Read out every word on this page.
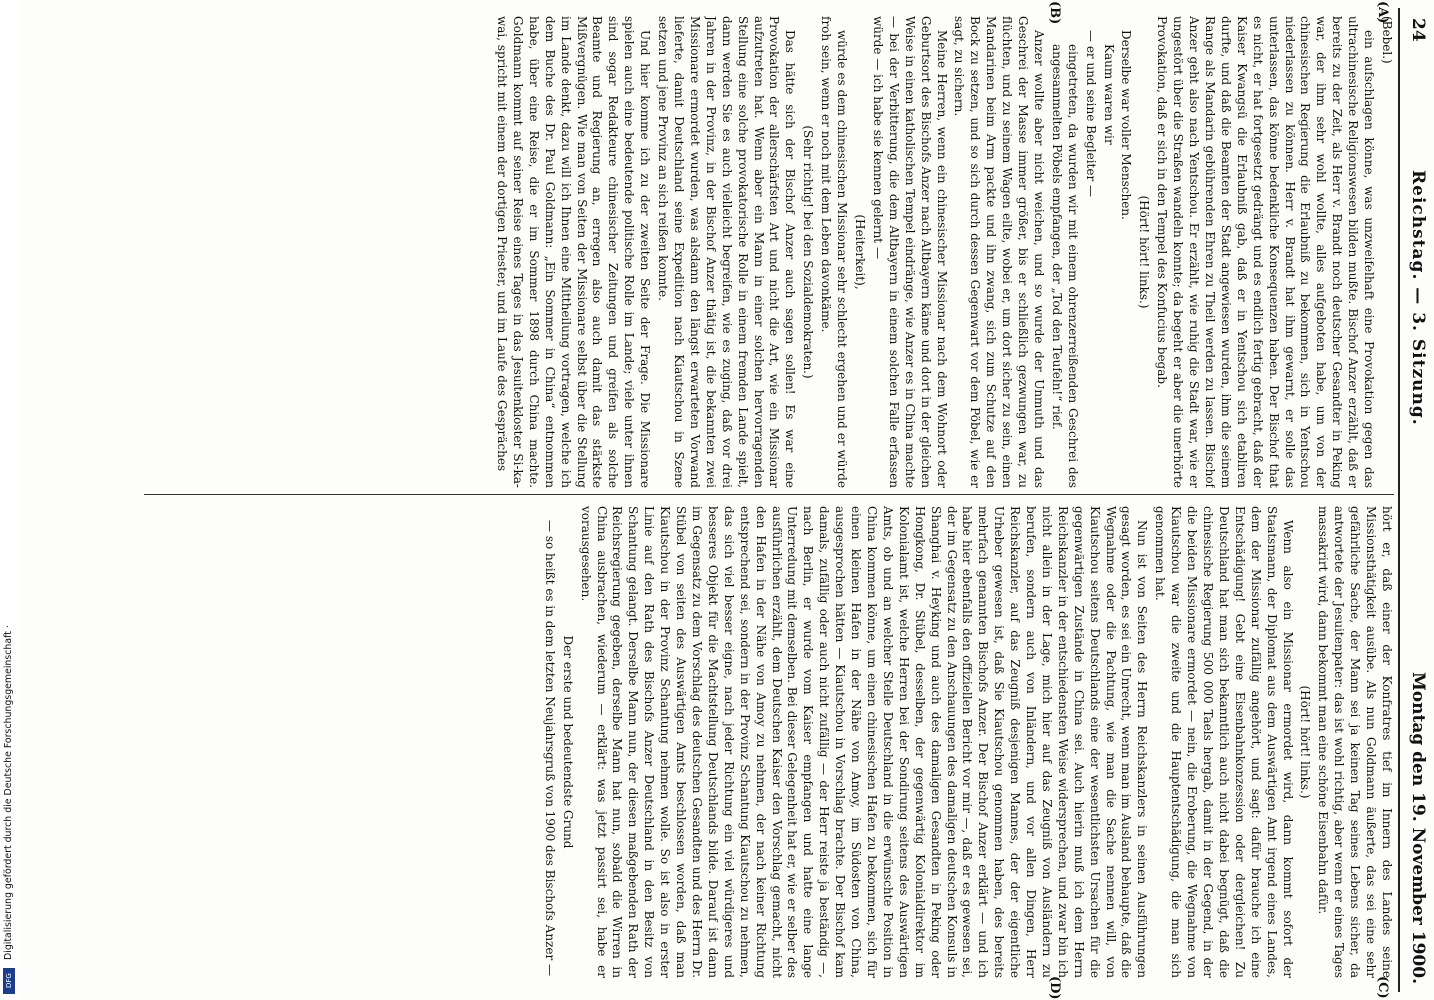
Digitalisierung gefördert durch die Deutsche Forschungsgemeinschaft ·
DFG
24
Reichstag. — 3. Sitzung.
Montag den 19. November 1900.
(A)
(B)
(C)
(D)

(Bebel.)

ein aufschlagen könne, was unzweifelhaft eine Provokation gegen das ultrachinesische Religionswesen bilden mußte. Bischof Anzer erzählt, daß er bereits zu der Zeit, als Herr v. Brandt noch deutscher Gesandter in Peking war, der ihm sehr wohl wollte, alles aufgeboten habe, um von der chinesischen Regierung die Erlaubniß zu bekommen, sich in Yentschou niederlassen zu können. Herr v. Brandt hat ihm gewarnt, er solle das unterlassen, das könne bedenkliche Konsequenzen haben. Der Bischof that es nicht, er hat fortgesetzt gedrängt und es endlich fertig gebracht, daß der Kaiser Kwangsü die Erlaubniß gab, daß er in Yentschou sich etabliren durfte, und daß die Beamten der Stadt angewiesen wurden, ihm die seinem Range als Mandarin gebührenden Ehren zu Theil werden zu lassen. Bischof Anzer geht also nach Yentschou. Er erzählt, wie ruhig die Stadt war, wie er ungestört über die Straßen wandeln konnte; da begeht er aber die unerhörte Provokation, daß er sich in den Tempel des Konfucius begab.

(Hört! hört! links.)

Derselbe war voller Menschen.

Kaum waren wir

— er und seine Begleiter —

eingetreten, da wurden wir mit einem ohrenzerreißenden Geschrei des angesammelten Pöbels empfangen, der „Tod den Teufeln!“ rief.

Anzer wollte aber nicht weichen, und so wurde der Unmuth und das Geschrei der Masse immer größer, bis er schließlich gezwungen war, zu flüchten, und zu seinem Wagen eilte, wobei er, um dort sicher zu sein, einen Mandarinen beim Arm packte und ihn zwang, sich zum Schutze auf den Bock zu setzen, und so sich durch dessen Gegenwart vor dem Pöbel, wie er sagt, zu sichern.

Meine Herren, wenn ein chinesischer Missionar nach dem Wohnort oder Geburtsort des Bischofs Anzer nach Altbayern käme und dort in der gleichen Weise in einen katholischen Tempel eindränge, wie Anzer es in China machte — bei der Verbitterung, die dem Altbayern in einem solchen Falle erfassen würde — ich habe sie kennen gelernt —

(Heiterkeit),

würde es dem chinesischen Missionar sehr schlecht ergehen und er würde froh sein, wenn er noch mit dem Leben davonkäme.

(Sehr richtig! bei den Sozialdemokraten.)

Das hätte sich der Bischof Anzer auch sagen sollen! Es war eine Provokation der allerschärfsten Art und nicht die Art, wie ein Missionar aufzutreten hat. Wenn aber ein Mann in einer solchen hervorragenden Stellung eine solche provokatorische Rolle in einem fremden Lande spielt, dann werden Sie es auch vielleicht begreifen, wie es zuging, daß vor drei Jahren in der Provinz, in der Bischof Anzer thätig ist, die bekannten zwei Missionare ermordet wurden, was alsdann den längst erwarteten Vorwand lieferte, damit Deutschland seine Expedition nach Kiautschou in Szene setzen und jene Provinz an sich reißen konnte.

Und hier komme ich zu der zweiten Seite der Frage. Die Missionare spielen auch eine bedeutende politische Rolle im Lande; viele unter ihnen sind sogar Redakteure chinesischer Zeitungen und greifen als solche Beamte und Regierung an, erregen also auch damit das stärkste Mißvergnügen. Wie man von Seiten der Missionare selbst über die Stellung im Lande denkt, dazu will ich Ihnen eine Mittheilung vortragen, welche ich dem Buche des Dr. Paul Goldmann: „Ein Sommer in China“ entnommen habe, über eine Reise, die er im Sommer 1898 durch China machte. Goldmann kommt auf seiner Reise eines Tages in das Jesuitenkloster Si-ka-wai, spricht mit einem der dortigen Priester, und im Laufe des Gespräches

hört er, daß einer der Konfratres tief im Innern des Landes seine Missionsthätigkeit ausübe. Als nun Goldmann äußerte, das sei eine sehr gefährliche Sache, der Mann sei ja keinen Tag seines Lebens sicher, da antwortete der Jesuitenpater: das ist wohl richtig, aber wenn er eines Tages massakrirt wird, dann bekommt man eine schöne Eisenbahn dafür.

(Hört! hört! links.)

Wenn also ein Missionar ermordet wird, dann kommt sofort der Staatsmann, der Diplomat aus dem Auswärtigen Amt irgend eines Landes, dem der Missionar zufällig angehört, und sagt: dafür brauche ich eine Entschädigung! Gebt eine Eisenbahnkonzession oder dergleichen! Zu Deutschland hat man sich bekanntlich auch nicht dabei begnügt, daß die chinesische Regierung 500 000 Taels hergab, damit in der Gegend, in der die beiden Missionare ermordet — nein, die Eroberung, die Wegnahme von Kiautschou war die zweite und die Hauptentschädigung, die man sich genommen hat.

Nun ist von Seiten des Herrn Reichskanzlers in seinen Ausführungen gesagt worden, es sei ein Unrecht, wenn man im Ausland behaupte, daß die Wegnahme oder die Pachtung, wie man die Sache nennen will, von Kiautschou seitens Deutschlands eine der wesentlichsten Ursachen für die gegenwärtigen Zustände in China sei. Auch hierin muß ich dem Herrn Reichskanzler in der entschiedensten Weise widersprechen, und zwar bin ich nicht allein in der Lage, mich hier auf das Zeugniß von Ausländern zu berufen, sondern auch von Inländern, und vor allen Dingen, Herr Reichskanzler, auf das Zeugniß desjenigen Mannes, der der eigentliche Urheber gewesen ist, daß Sie Kiautschou genommen haben, des bereits mehrfach genannten Bischofs Anzer. Der Bischof Anzer erklärt — und ich habe hier ebenfalls den offiziellen Bericht vor mir —, daß er es gewesen sei, der im Gegensatz zu den Anschauungen des damaligen deutschen Konsuls in Shanghai v. Heyking und auch des damaligen Gesandten in Peking oder Hongkong, Dr. Stübel, desselben, der gegenwärtig Kolonialdirektor im Kolonialamt ist, welche Herren bei der Sondirung seitens des Auswärtigen Amts, ob und an welcher Stelle Deutschland in die erwünschte Position in China kommen könne, um einen chinesischen Hafen zu bekommen, sich für einen kleinen Hafen in der Nähe von Amoy, im Südosten von China, ausgesprochen hätten — Kiautschou in Vorschlag brachte. Der Bischof kam damals, zufällig oder auch nicht zufällig — der Herr reiste ja beständig —, nach Berlin, er wurde vom Kaiser empfangen und hatte eine lange Unterredung mit demselben. Bei dieser Gelegenheit hat er, wie er selber des ausführlichen erzählt, dem Deutschen Kaiser den Vorschlag gemacht, nicht den Hafen in der Nähe von Amoy zu nehmen, der nach keiner Richtung entsprechend sei, sondern in der Provinz Schantung Kiautschou zu nehmen, das sich viel besser eigne, nach jeder Richtung ein viel würdigeres und besseres Objekt für die Machtstellung Deutschlands bilde. Darauf ist dann im Gegensatz zu dem Vorschlag des deutschen Gesandten und des Herrn Dr. Stübel von seiten des Auswärtigen Amts beschlossen worden, daß man Kiautschou in der Provinz Schantung nehmen wolle. So ist also in erster Linie auf den Rath des Bischofs Anzer Deutschland in den Besitz von Schantung gelangt. Derselbe Mann nun, der diesen maßgebenden Rath der Reichsregierung gegeben, derselbe Mann hat nun, sobald die Wirren in China ausbrachen, wiederum — erklärt: was jetzt passirt sei, habe er vorausgesehen.

Der erste und bedeutendste Grund

— so heißt es in dem letzten Neujahrsgruß von 1900 des Bischofs Anzer —
